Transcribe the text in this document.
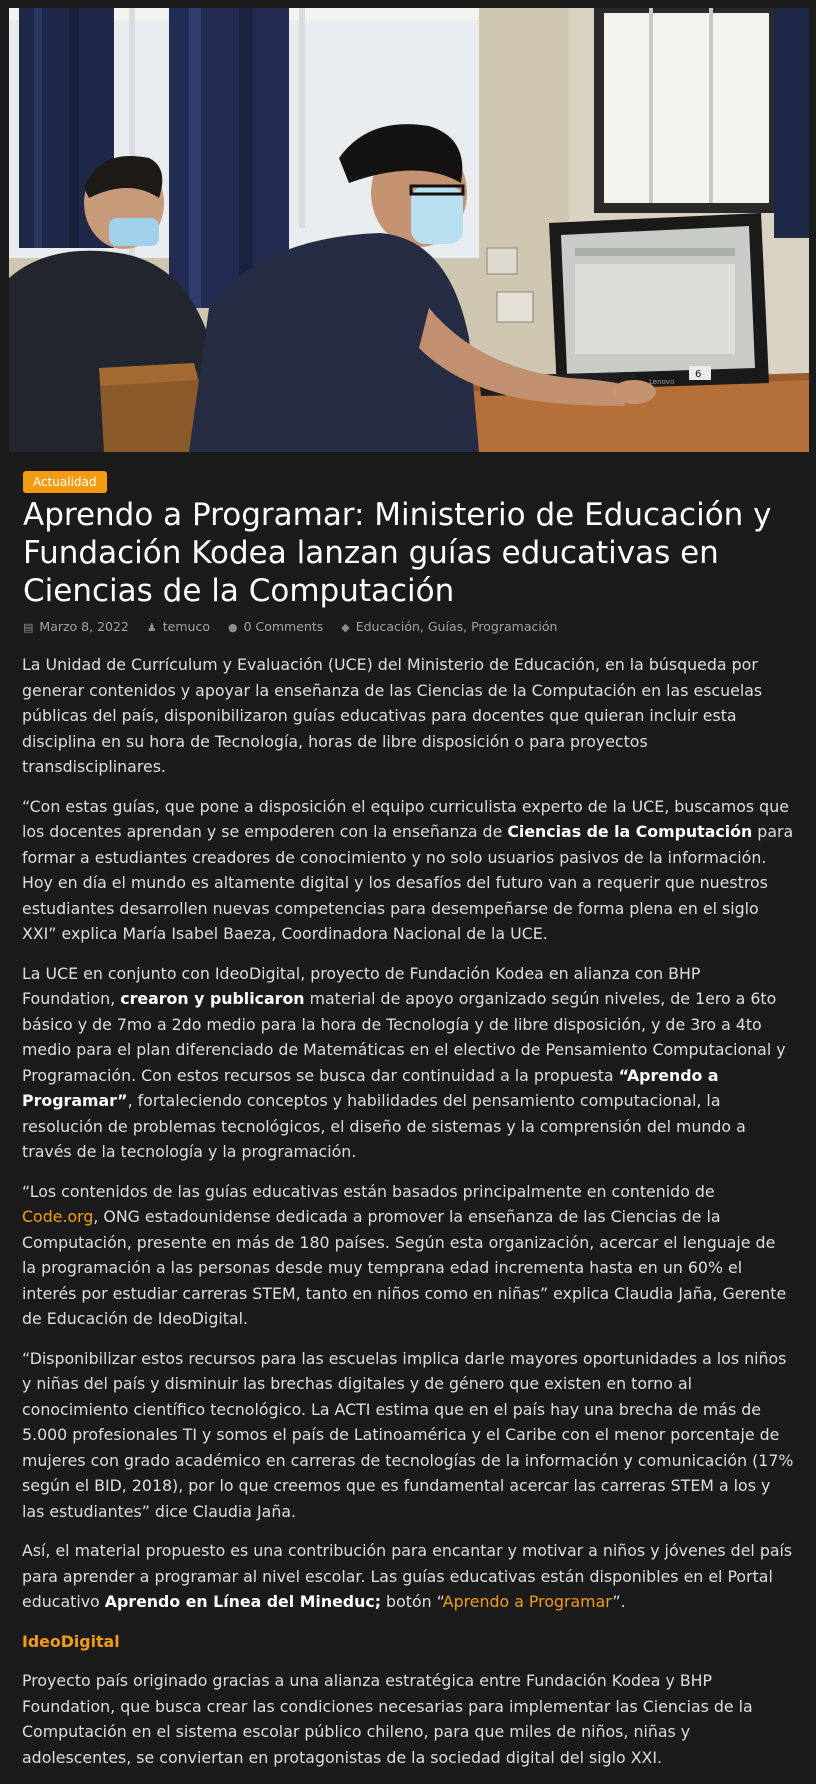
Lenovo
6
Actualidad
Aprendo a Programar: Ministerio de Educación y Fundación Kodea lanzan guías educativas en Ciencias de la Computación
▤ Marzo 8, 2022 ♟ temuco ● 0 Comments ◆ Educación, Guías, Programación

La Unidad de Currículum y Evaluación (UCE) del Ministerio de Educación, en la búsqueda por generar contenidos y apoyar la enseñanza de las Ciencias de la Computación en las escuelas públicas del país, disponibilizaron guías educativas para docentes que quieran incluir esta disciplina en su hora de Tecnología, horas de libre disposición o para proyectos transdisciplinares.

“Con estas guías, que pone a disposición el equipo curriculista experto de la UCE, buscamos que los docentes aprendan y se empoderen con la enseñanza de Ciencias de la Computación para formar a estudiantes creadores de conocimiento y no solo usuarios pasivos de la información. Hoy en día el mundo es altamente digital y los desafíos del futuro van a requerir que nuestros estudiantes desarrollen nuevas competencias para desempeñarse de forma plena en el siglo XXI” explica María Isabel Baeza, Coordinadora Nacional de la UCE.

La UCE en conjunto con IdeoDigital, proyecto de Fundación Kodea en alianza con BHP Foundation, crearon y publicaron material de apoyo organizado según niveles, de 1ero a 6to básico y de 7mo a 2do medio para la hora de Tecnología y de libre disposición, y de 3ro a 4to medio para el plan diferenciado de Matemáticas en el electivo de Pensamiento Computacional y Programación. Con estos recursos se busca dar continuidad a la propuesta “Aprendo a Programar”, fortaleciendo conceptos y habilidades del pensamiento computacional, la resolución de problemas tecnológicos, el diseño de sistemas y la comprensión del mundo a través de la tecnología y la programación.

“Los contenidos de las guías educativas están basados principalmente en contenido de Code.org, ONG estadounidense dedicada a promover la enseñanza de las Ciencias de la Computación, presente en más de 180 países. Según esta organización, acercar el lenguaje de la programación a las personas desde muy temprana edad incrementa hasta en un 60% el interés por estudiar carreras STEM, tanto en niños como en niñas” explica Claudia Jaña, Gerente de Educación de IdeoDigital.

“Disponibilizar estos recursos para las escuelas implica darle mayores oportunidades a los niños y niñas del país y disminuir las brechas digitales y de género que existen en torno al conocimiento científico tecnológico. La ACTI estima que en el país hay una brecha de más de 5.000 profesionales TI y somos el país de Latinoamérica y el Caribe con el menor porcentaje de mujeres con grado académico en carreras de tecnologías de la información y comunicación (17% según el BID, 2018), por lo que creemos que es fundamental acercar las carreras STEM a los y las estudiantes” dice Claudia Jaña.

Así, el material propuesto es una contribución para encantar y motivar a niños y jóvenes del país para aprender a programar al nivel escolar. Las guías educativas están disponibles en el Portal educativo Aprendo en Línea del Mineduc; botón “Aprendo a Programar”.

IdeoDigital

Proyecto país originado gracias a una alianza estratégica entre Fundación Kodea y BHP Foundation, que busca crear las condiciones necesarias para implementar las Ciencias de la Computación en el sistema escolar público chileno, para que miles de niños, niñas y adolescentes, se conviertan en protagonistas de la sociedad digital del siglo XXI.
